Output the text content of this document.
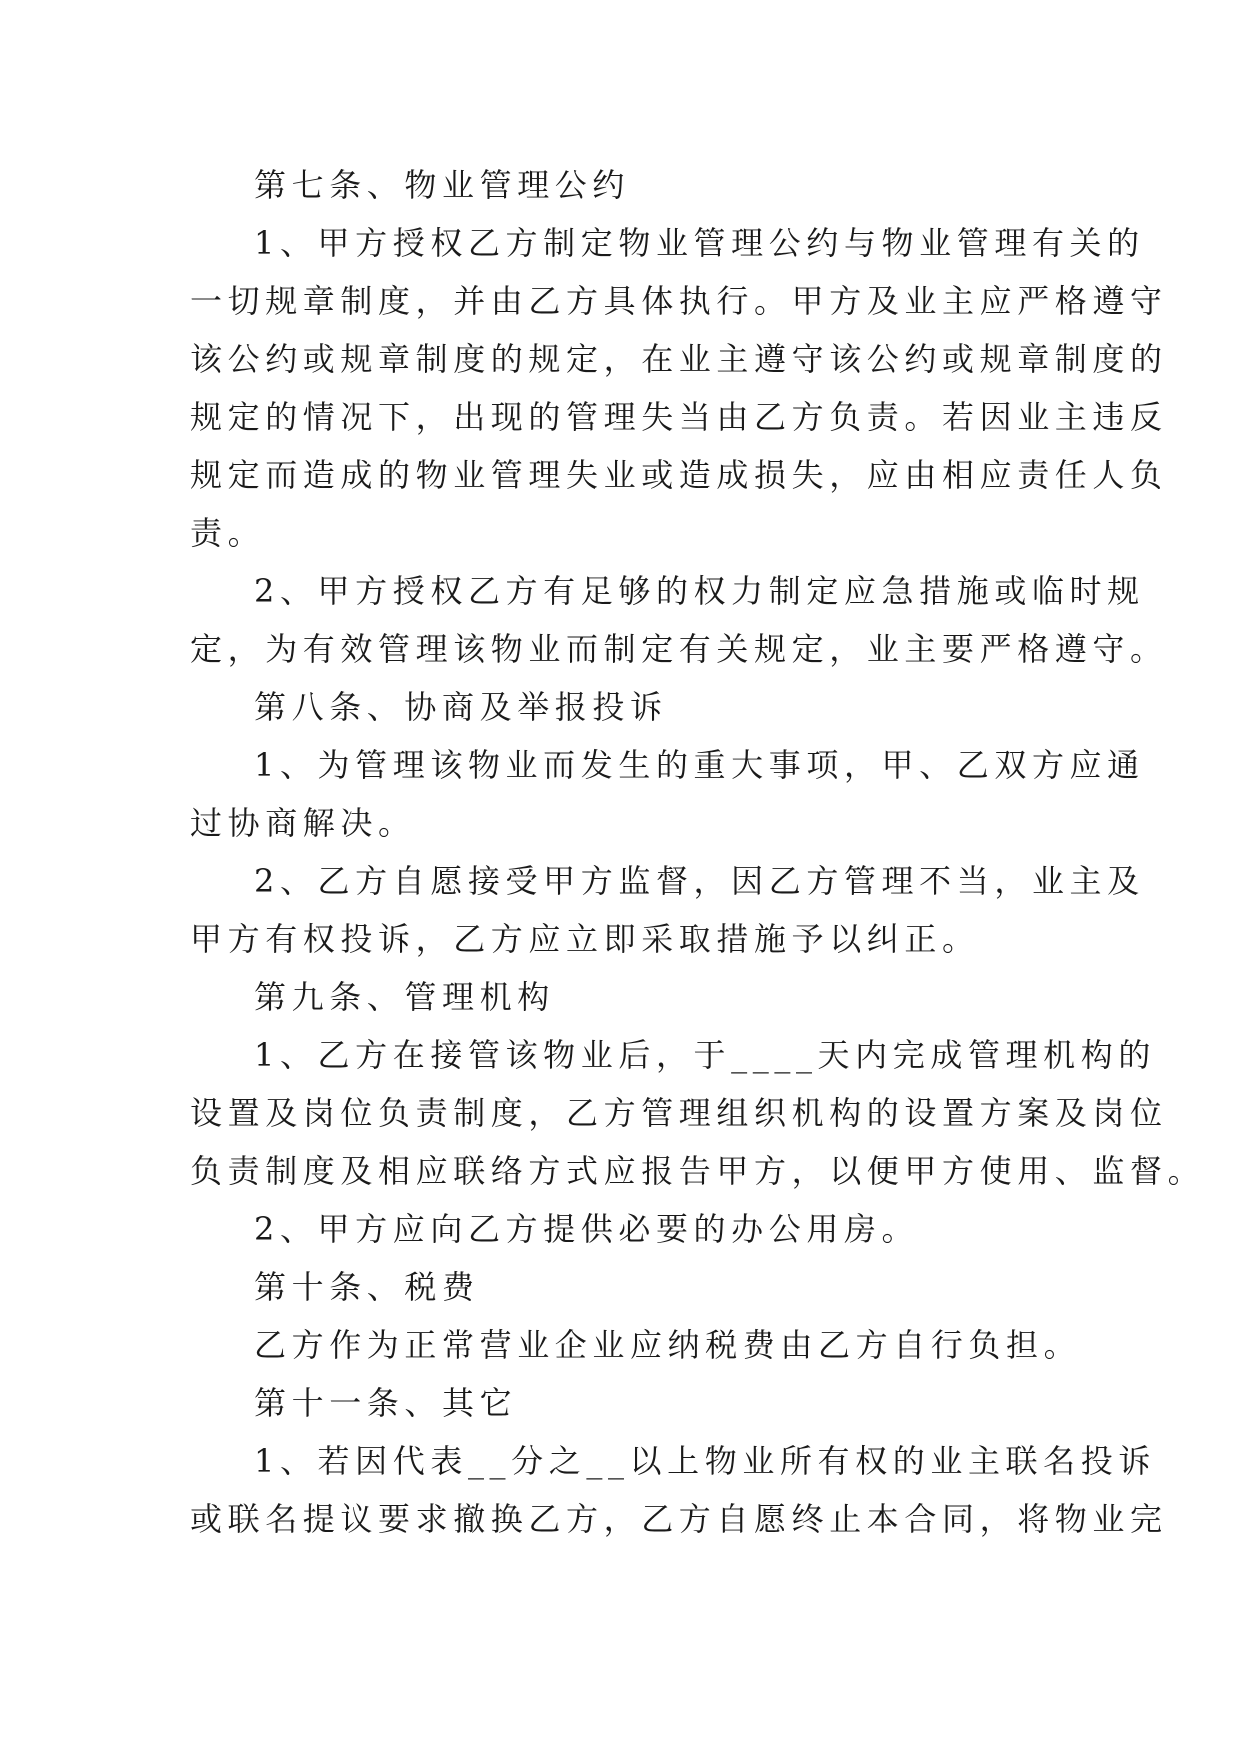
第七条、物业管理公约
1、甲方授权乙方制定物业管理公约与物业管理有关的
一切规章制度，并由乙方具体执行。甲方及业主应严格遵守
该公约或规章制度的规定，在业主遵守该公约或规章制度的
规定的情况下，出现的管理失当由乙方负责。若因业主违反
规定而造成的物业管理失业或造成损失，应由相应责任人负
责。
2、甲方授权乙方有足够的权力制定应急措施或临时规
定，为有效管理该物业而制定有关规定，业主要严格遵守。
第八条、协商及举报投诉
1、为管理该物业而发生的重大事项，甲、乙双方应通
过协商解决。
2、乙方自愿接受甲方监督，因乙方管理不当，业主及
甲方有权投诉，乙方应立即采取措施予以纠正。
第九条、管理机构
1、乙方在接管该物业后，于____天内完成管理机构的
设置及岗位负责制度，乙方管理组织机构的设置方案及岗位
负责制度及相应联络方式应报告甲方，以便甲方使用、监督。
2、甲方应向乙方提供必要的办公用房。
第十条、税费
乙方作为正常营业企业应纳税费由乙方自行负担。
第十一条、其它
1、若因代表__分之__以上物业所有权的业主联名投诉
或联名提议要求撤换乙方，乙方自愿终止本合同，将物业完
